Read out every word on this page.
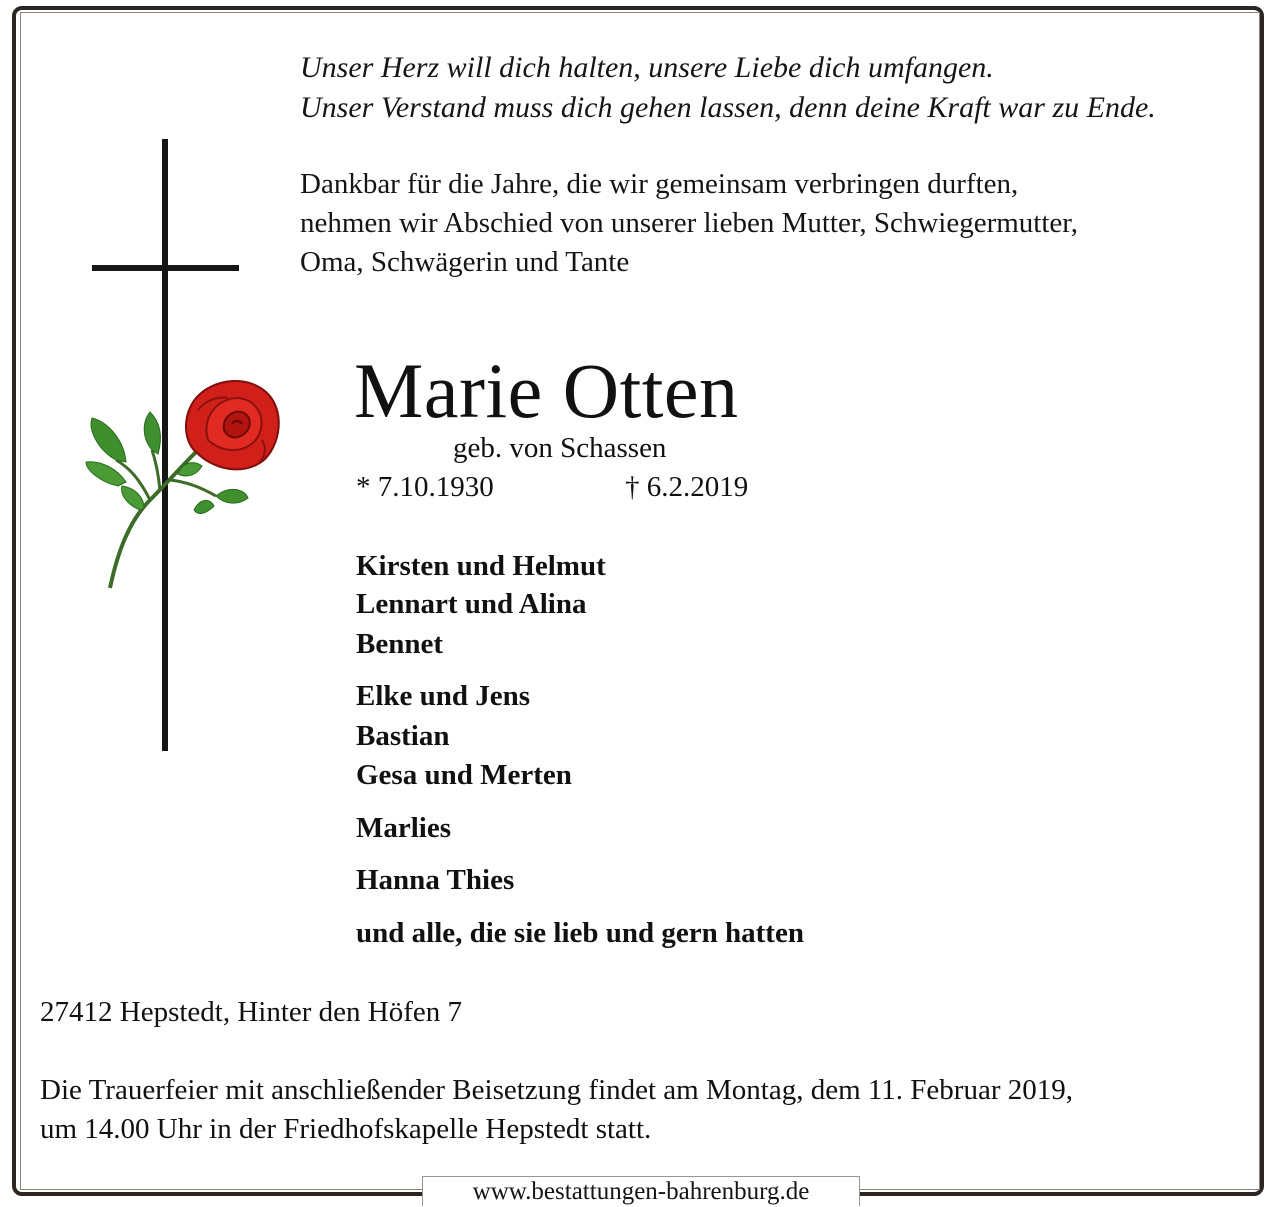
Unser Herz will dich halten, unsere Liebe dich umfangen.
Unser Verstand muss dich gehen lassen, denn deine Kraft war zu Ende.

Dankbar für die Jahre, die wir gemeinsam verbringen durften,
nehmen wir Abschied von unserer lieben Mutter, Schwiegermutter,
Oma, Schwägerin und Tante

Marie Otten
geb. von Schassen
* 7.10.1930	† 6.2.2019
Kirsten und Helmut
Lennart und Alina
Bennet
Elke und Jens
Bastian
Gesa und Merten
Marlies
Hanna Thies
und alle, die sie lieb und gern hatten
27412 Hepstedt, Hinter den Höfen 7

Die Trauerfeier mit anschließender Beisetzung findet am Montag, dem 11. Februar 2019,
um 14.00 Uhr in der Friedhofskapelle Hepstedt statt.

www.bestattungen-bahrenburg.de
